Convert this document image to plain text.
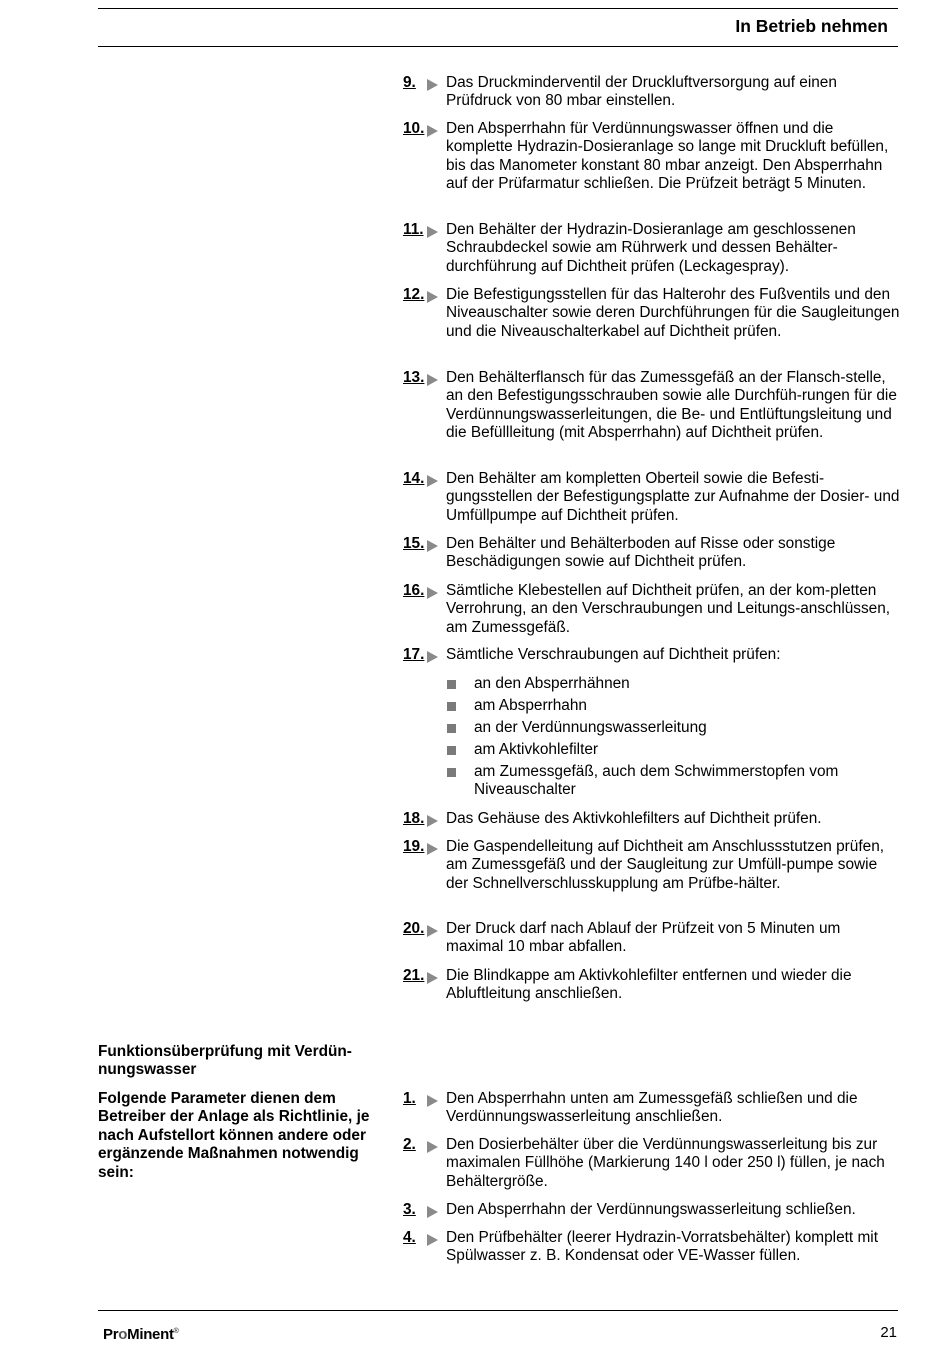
In Betrieb nehmen
9.	Das Druckminderventil der Druckluftversorgung auf einen Prüfdruck von 80 mbar einstellen.
10.	Den Absperrhahn für Verdünnungswasser öffnen und die komplette Hydrazin-Dosieranlage so lange mit Druckluft befüllen, bis das Manometer konstant 80 mbar anzeigt. Den Absperrhahn auf der Prüfarmatur schließen. Die Prüfzeit beträgt 5 Minuten.
11.	Den Behälter der Hydrazin-Dosieranlage am geschlossenen Schraubdeckel sowie am Rührwerk und dessen Behälter-durchführung auf Dichtheit prüfen (Leckagespray).
12.	Die Befestigungsstellen für das Halterohr des Fußventils und den Niveauschalter sowie deren Durchführungen für die Saugleitungen und die Niveauschalterkabel auf Dichtheit prüfen.
13.	Den Behälterflansch für das Zumessgefäß an der Flansch-stelle, an den Befestigungsschrauben sowie alle Durchfüh-rungen für die Verdünnungswasserleitungen, die Be- und Entlüftungsleitung und die Befüllleitung (mit Absperrhahn) auf Dichtheit prüfen.
14.	Den Behälter am kompletten Oberteil sowie die Befesti-gungsstellen der Befestigungsplatte zur Aufnahme der Dosier- und Umfüllpumpe auf Dichtheit prüfen.
15.	Den Behälter und Behälterboden auf Risse oder sonstige Beschädigungen sowie auf Dichtheit prüfen.
16.	Sämtliche Klebestellen auf Dichtheit prüfen, an der kom-pletten Verrohrung, an den Verschraubungen und Leitungs-anschlüssen, am Zumessgefäß.
17.	Sämtliche Verschraubungen auf Dichtheit prüfen:
an den Absperrhähnen
am Absperrhahn
an der Verdünnungswasserleitung
am Aktivkohlefilter
am Zumessgefäß, auch dem Schwimmerstopfen vom Niveauschalter
18.	Das Gehäuse des Aktivkohlefilters auf Dichtheit prüfen.
19.	Die Gaspendelleitung auf Dichtheit am Anschlussstutzen prüfen, am Zumessgefäß und der Saugleitung zur Umfüll-pumpe sowie der Schnellverschlusskupplung am Prüfbe-hälter.
20.	Der Druck darf nach Ablauf der Prüfzeit von 5 Minuten um maximal 10 mbar abfallen.
21.	Die Blindkappe am Aktivkohlefilter entfernen und wieder die Abluftleitung anschließen.
Funktionsüberprüfung mit Verdün-nungswasser
Folgende Parameter dienen dem Betreiber der Anlage als Richtlinie, je nach Aufstellort können andere oder ergänzende Maßnahmen notwendig sein:
1.	Den Absperrhahn unten am Zumessgefäß schließen und die Verdünnungswasserleitung anschließen.
2.	Den Dosierbehälter über die Verdünnungswasserleitung bis zur maximalen Füllhöhe (Markierung 140 l oder 250 l) füllen, je nach Behältergröße.
3.	Den Absperrhahn der Verdünnungswasserleitung schließen.
4.	Den Prüfbehälter (leerer Hydrazin-Vorratsbehälter) komplett mit Spülwasser z. B. Kondensat oder VE-Wasser füllen.
ProMinent®	21
